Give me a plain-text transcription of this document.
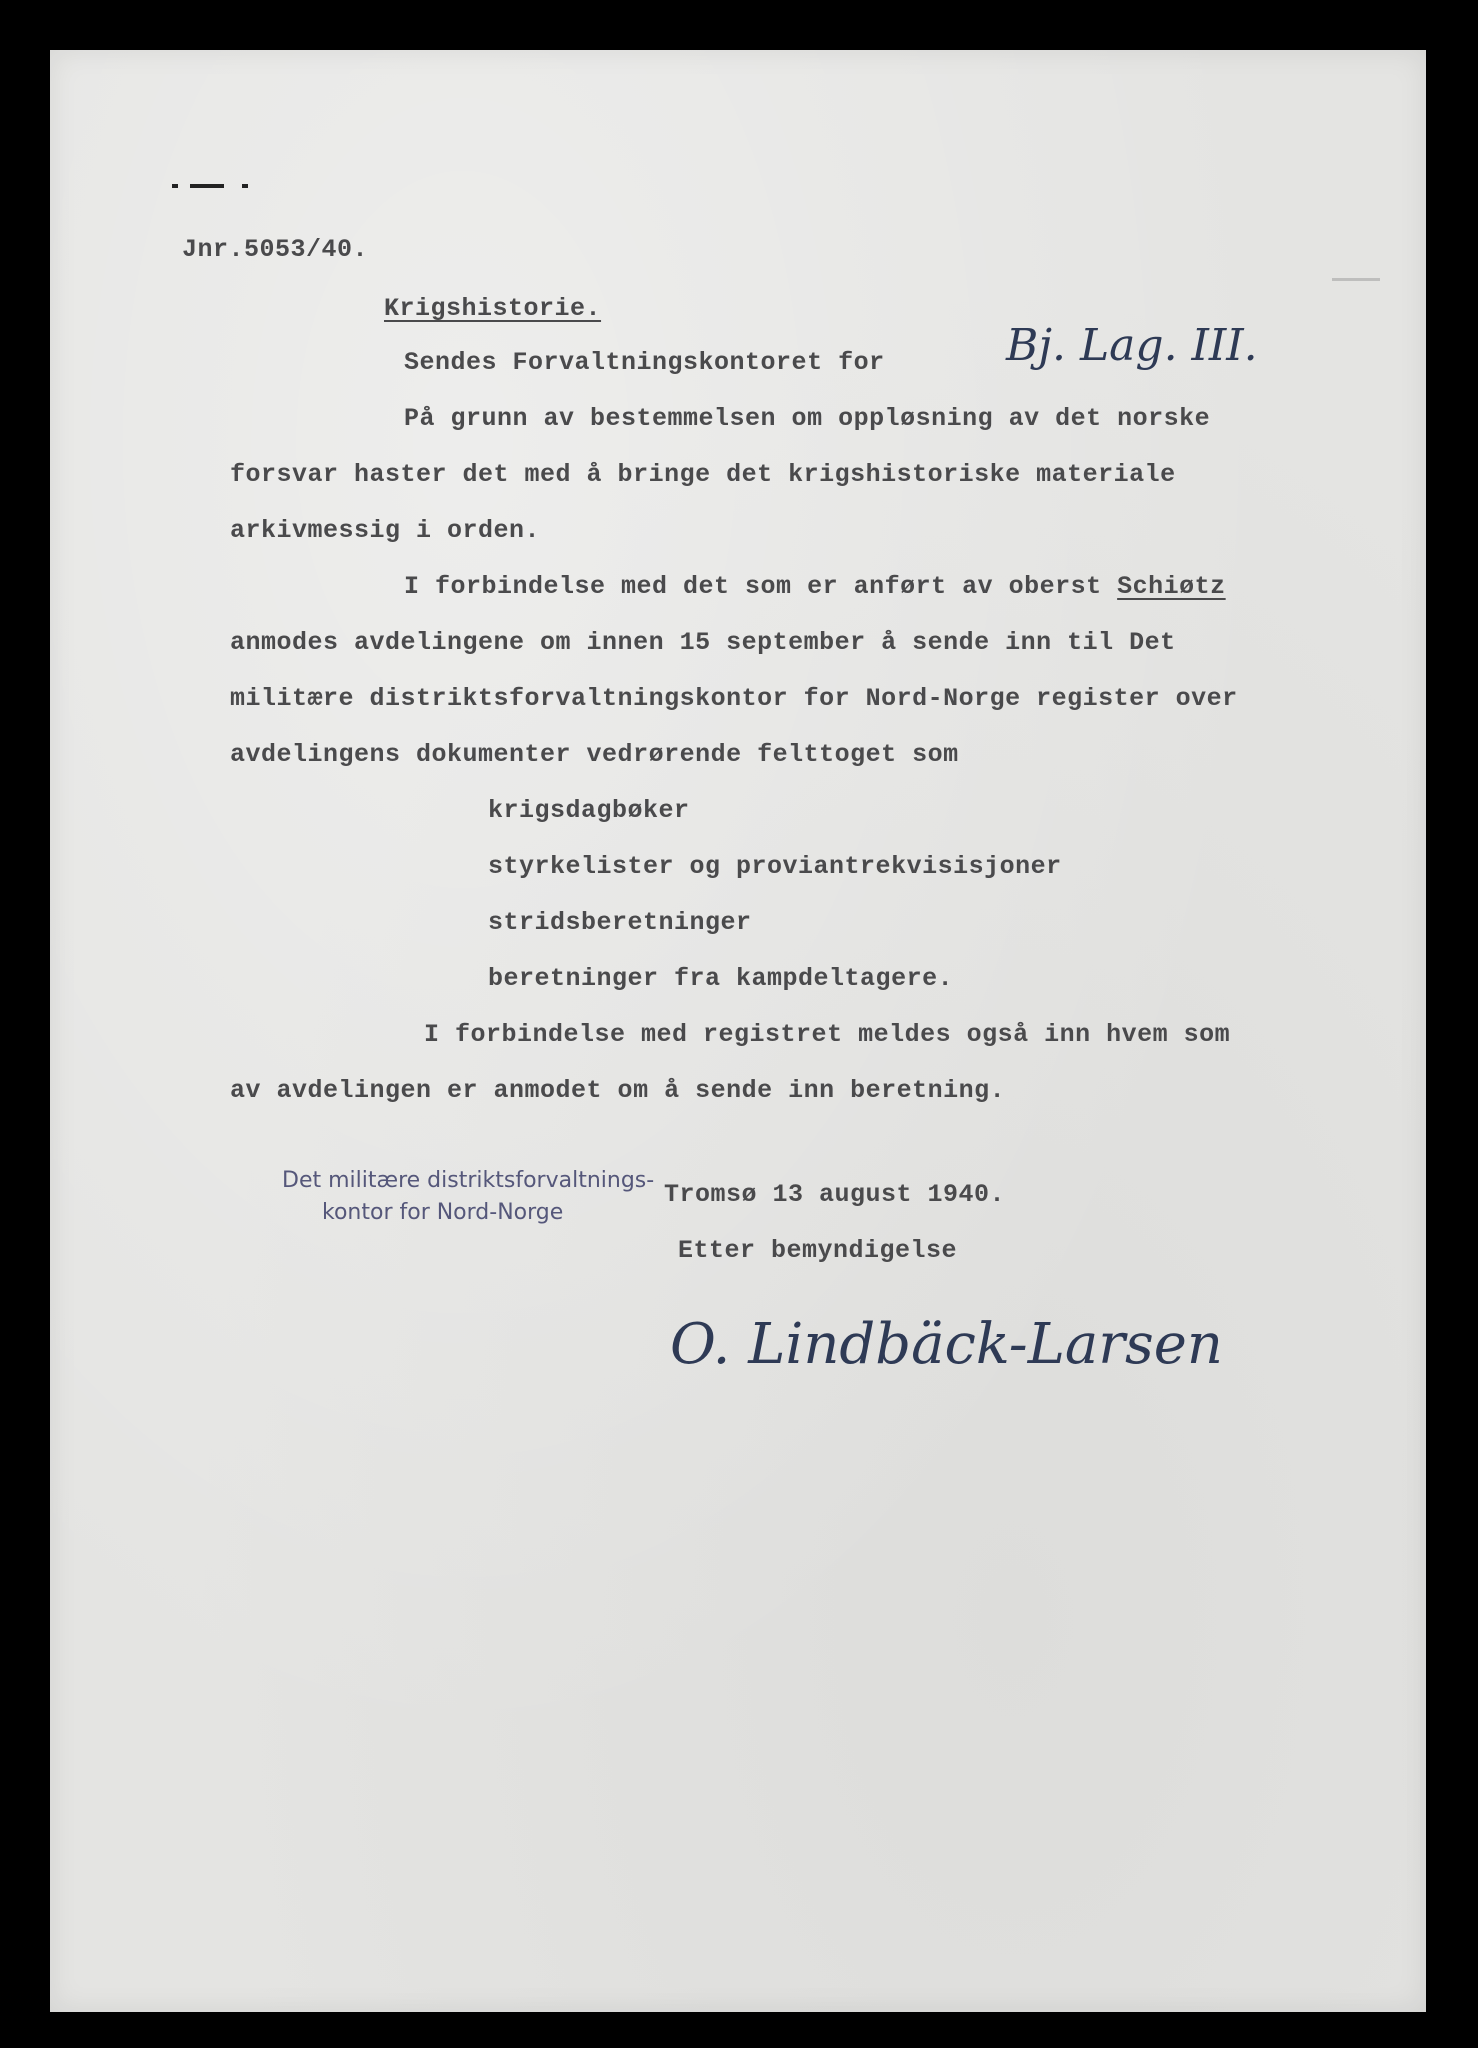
Jnr.5053/40.
Krigshistorie.
Sendes Forvaltningskontoret for	Bj. Lag. III.
På grunn av bestemmelsen om oppløsning av det norske
forsvar haster det med å bringe det krigshistoriske materiale
arkivmessig i orden.
I forbindelse med det som er anført av oberst Schiøtz
anmodes avdelingene om innen 15 september å sende inn til Det
militære distriktsforvaltningskontor for Nord-Norge register over
avdelingens dokumenter vedrørende felttoget som
krigsdagbøker
styrkelister og proviantrekvisisjoner
stridsberetninger
beretninger fra kampdeltagere.
I forbindelse med registret meldes også inn hvem som
av avdelingen er anmodet om å sende inn beretning.
Det militære distriktsforvaltnings-
kontor for Nord-Norge
Tromsø 13 august 1940.
Etter bemyndigelse
O. Lindbäck-Larsen
